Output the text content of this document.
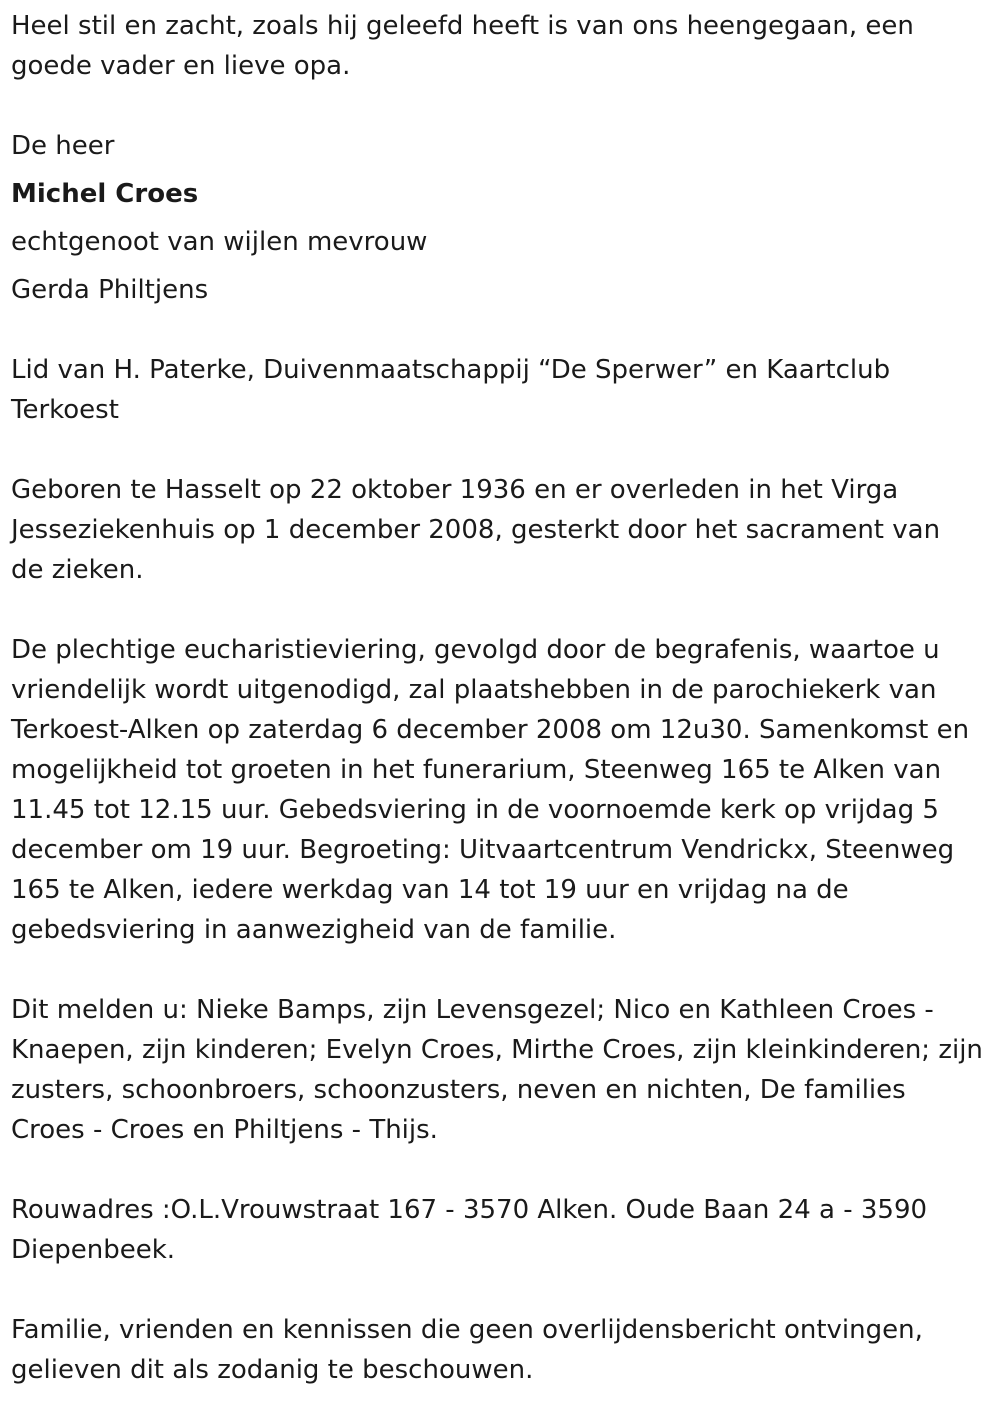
Heel stil en zacht, zoals hij geleefd heeft is van ons heengegaan, een
goede vader en lieve opa.

De heer

Michel Croes

echtgenoot van wijlen mevrouw

Gerda Philtjens

Lid van H. Paterke, Duivenmaatschappij “De Sperwer” en Kaartclub
Terkoest

Geboren te Hasselt op 22 oktober 1936 en er overleden in het Virga
Jesseziekenhuis op 1 december 2008, gesterkt door het sacrament van
de zieken.

De plechtige eucharistieviering, gevolgd door de begrafenis, waartoe u
vriendelijk wordt uitgenodigd, zal plaatshebben in de parochiekerk van
Terkoest-Alken op zaterdag 6 december 2008 om 12u30. Samenkomst en
mogelijkheid tot groeten in het funerarium, Steenweg 165 te Alken van
11.45 tot 12.15 uur. Gebedsviering in de voornoemde kerk op vrijdag 5
december om 19 uur. Begroeting: Uitvaartcentrum Vendrickx, Steenweg
165 te Alken, iedere werkdag van 14 tot 19 uur en vrijdag na de
gebedsviering in aanwezigheid van de familie.

Dit melden u: Nieke Bamps, zijn Levensgezel; Nico en Kathleen Croes -
Knaepen, zijn kinderen; Evelyn Croes, Mirthe Croes, zijn kleinkinderen; zijn
zusters, schoonbroers, schoonzusters, neven en nichten, De families
Croes - Croes en Philtjens - Thijs.

Rouwadres :O.L.Vrouwstraat 167 - 3570 Alken. Oude Baan 24 a - 3590
Diepenbeek.

Familie, vrienden en kennissen die geen overlijdensbericht ontvingen,
gelieven dit als zodanig te beschouwen.
